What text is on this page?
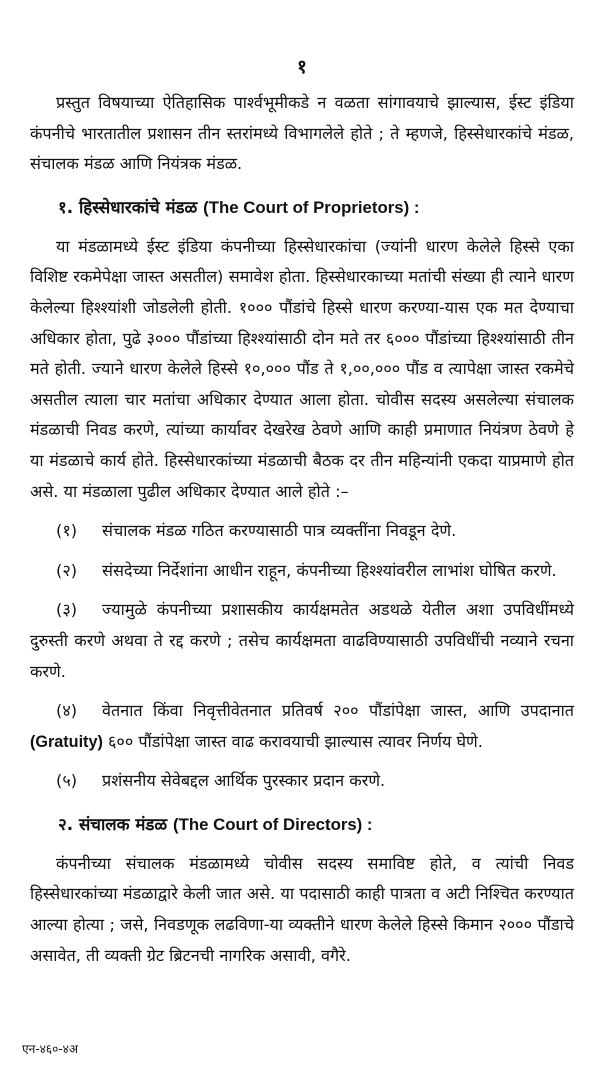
१

प्रस्तुत विषयाच्या ऐतिहासिक पार्श्वभूमीकडे न वळता सांगावयाचे झाल्यास, ईस्ट इंडिया कंपनीचे भारतातील प्रशासन तीन स्तरांमध्ये विभागलेले होते ; ते म्हणजे, हिस्सेधारकांचे मंडळ, संचालक मंडळ आणि नियंत्रक मंडळ.

१. हिस्सेधारकांचे मंडळ (The Court of Proprietors) :

या मंडळामध्ये ईस्ट इंडिया कंपनीच्या हिस्सेधारकांचा (ज्यांनी धारण केलेले हिस्से एका विशिष्ट रकमेपेक्षा जास्त असतील) समावेश होता. हिस्सेधारकाच्या मतांची संख्या ही त्याने धारण केलेल्या हिश्श्यांशी जोडलेली होती. १००० पौंडांचे हिस्से धारण करण्या-यास एक मत देण्याचा अधिकार होता, पुढे ३००० पौंडांच्या हिश्श्यांसाठी दोन मते तर ६००० पौंडांच्या हिश्श्यांसाठी तीन मते होती. ज्याने धारण केलेले हिस्से १०,००० पौंड ते १,००,००० पौंड व त्यापेक्षा जास्त रकमेचे असतील त्याला चार मतांचा अधिकार देण्यात आला होता. चोवीस सदस्य असलेल्या संचालक मंडळाची निवड करणे, त्यांच्या कार्यावर देखरेख ठेवणे आणि काही प्रमाणात नियंत्रण ठेवणे हे या मंडळाचे कार्य होते. हिस्सेधारकांच्या मंडळाची बैठक दर तीन महिन्यांनी एकदा याप्रमाणे होत असे. या मंडळाला पुढील अधिकार देण्यात आले होते :–

(१) संचालक मंडळ गठित करण्यासाठी पात्र व्यक्तींना निवडून देणे.

(२) संसदेच्या निर्देशांना आधीन राहून, कंपनीच्या हिश्श्यांवरील लाभांश घोषित करणे.

(३) ज्यामुळे कंपनीच्या प्रशासकीय कार्यक्षमतेत अडथळे येतील अशा उपविधींमध्ये दुरुस्ती करणे अथवा ते रद्द करणे ; तसेच कार्यक्षमता वाढविण्यासाठी उपविधींची नव्याने रचना करणे.

(४) वेतनात किंवा निवृत्तीवेतनात प्रतिवर्ष २०० पौंडांपेक्षा जास्त, आणि उपदानात (Gratuity) ६०० पौंडांपेक्षा जास्त वाढ करावयाची झाल्यास त्यावर निर्णय घेणे.

(५) प्रशंसनीय सेवेबद्दल आर्थिक पुरस्कार प्रदान करणे.

२. संचालक मंडळ (The Court of Directors) :

कंपनीच्या संचालक मंडळामध्ये चोवीस सदस्य समाविष्ट होते, व त्यांची निवड हिस्सेधारकांच्या मंडळाद्वारे केली जात असे. या पदासाठी काही पात्रता व अटी निश्चित करण्यात आल्या होत्या ; जसे, निवडणूक लढविणा-या व्यक्तीने धारण केलेले हिस्से किमान २००० पौंडाचे असावेत, ती व्यक्ती ग्रेट ब्रिटनची नागरिक असावी, वगैरे.

एन-४६०-४अ
